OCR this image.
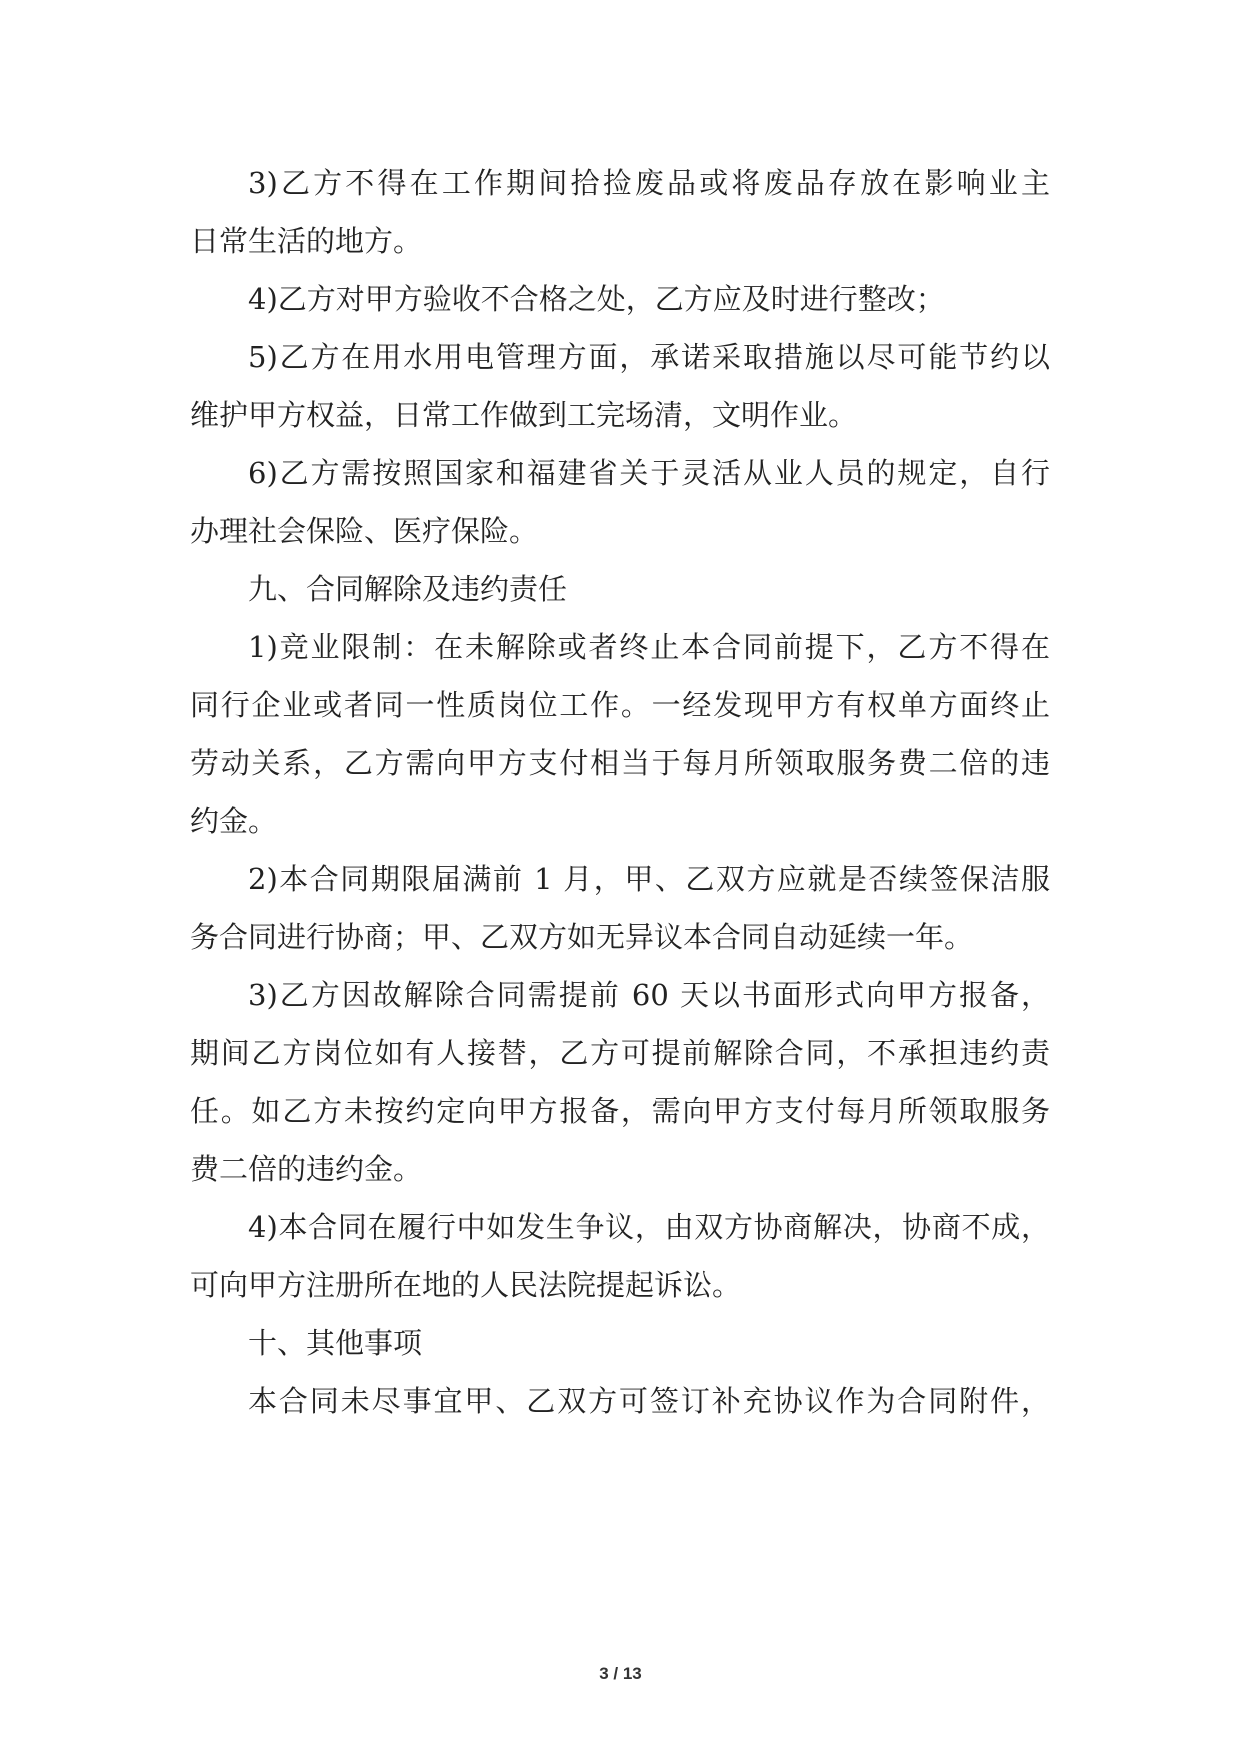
3)乙方不得在工作期间拾捡废品或将废品存放在影响业主
日常生活的地方。
4)乙方对甲方验收不合格之处，乙方应及时进行整改；
5)乙方在用水用电管理方面，承诺采取措施以尽可能节约以
维护甲方权益，日常工作做到工完场清，文明作业。
6)乙方需按照国家和福建省关于灵活从业人员的规定，自行
办理社会保险、医疗保险。
九、合同解除及违约责任
1)竞业限制：在未解除或者终止本合同前提下，乙方不得在
同行企业或者同一性质岗位工作。一经发现甲方有权单方面终止
劳动关系，乙方需向甲方支付相当于每月所领取服务费二倍的违
约金。
2)本合同期限届满前 1 月，甲、乙双方应就是否续签保洁服
务合同进行协商；甲、乙双方如无异议本合同自动延续一年。
3)乙方因故解除合同需提前 60 天以书面形式向甲方报备，
期间乙方岗位如有人接替，乙方可提前解除合同，不承担违约责
任。如乙方未按约定向甲方报备，需向甲方支付每月所领取服务
费二倍的违约金。
4)本合同在履行中如发生争议，由双方协商解决，协商不成，
可向甲方注册所在地的人民法院提起诉讼。
十、其他事项
本合同未尽事宜甲、乙双方可签订补充协议作为合同附件，
3 / 13
